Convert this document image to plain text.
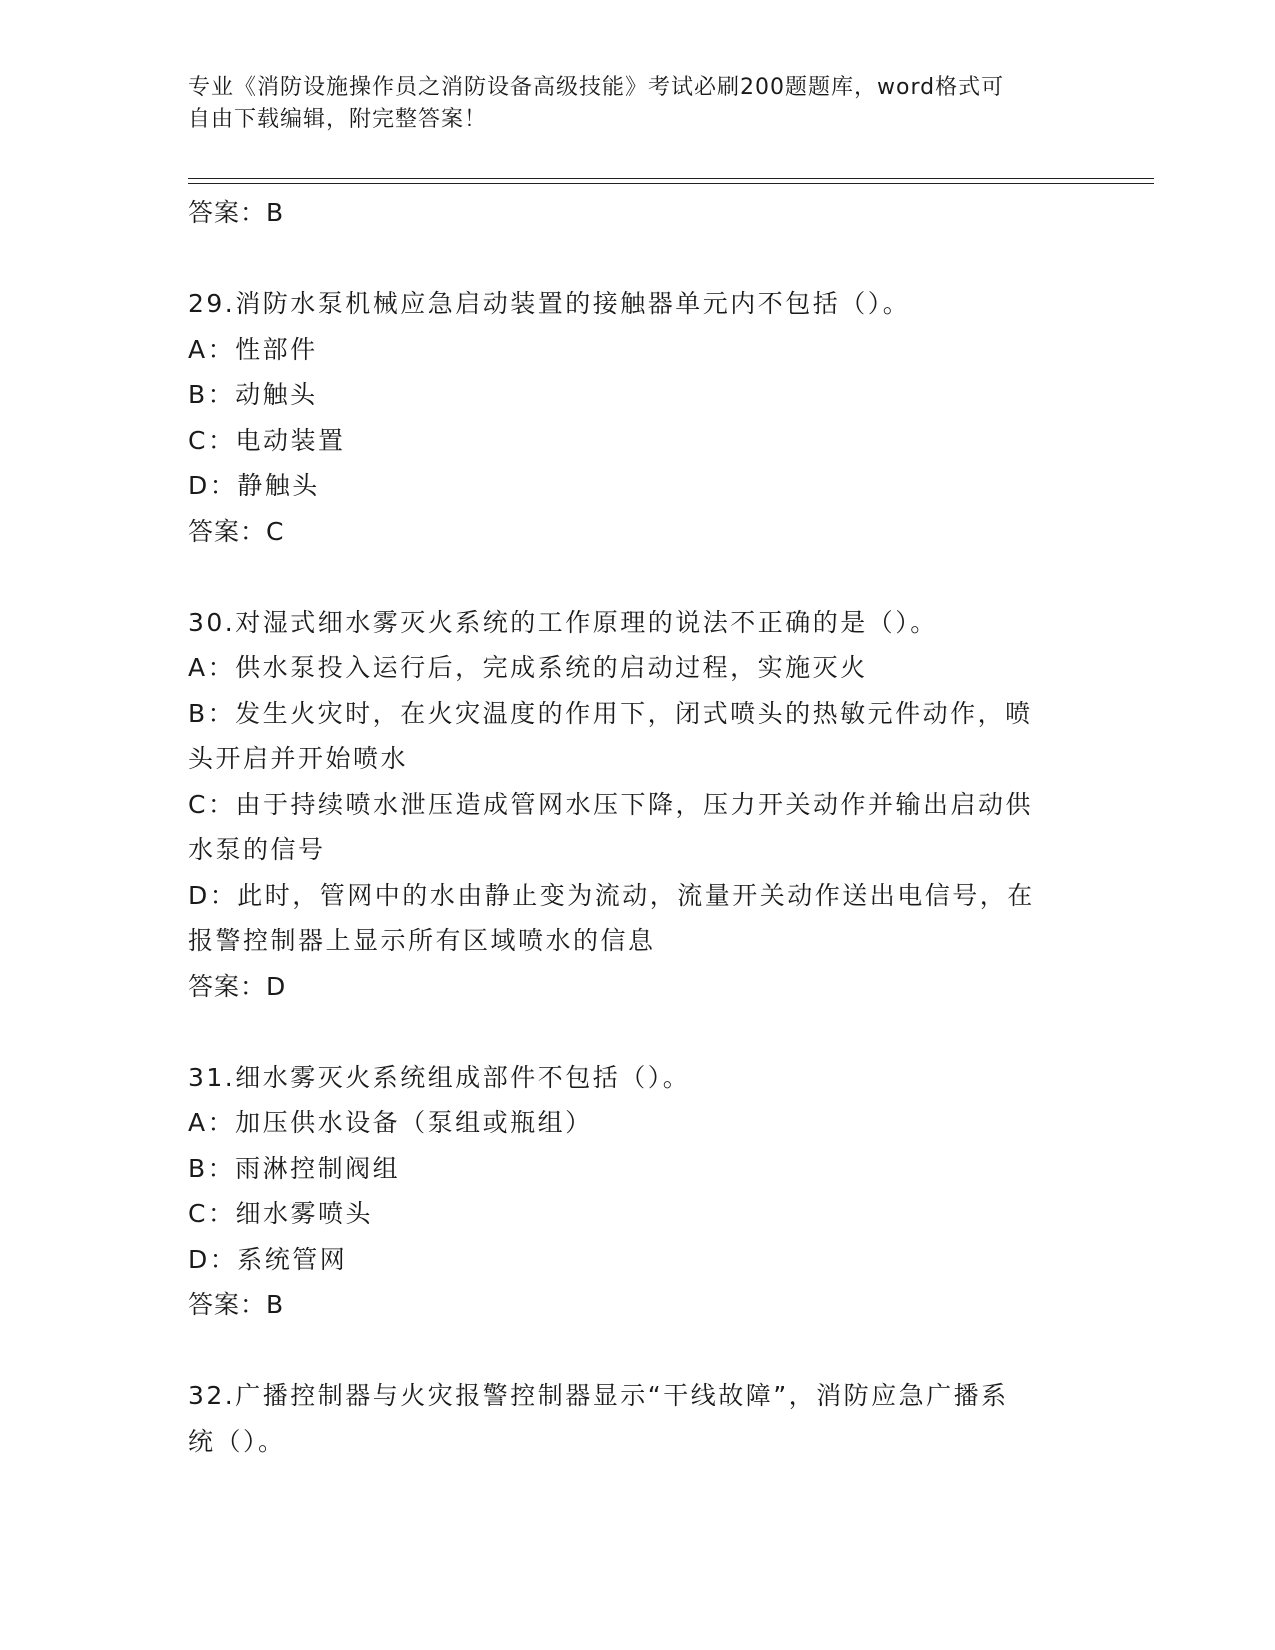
专业《消防设施操作员之消防设备高级技能》考试必刷200题题库，word格式可
自由下载编辑，附完整答案！

答案：B

29.消防水泵机械应急启动装置的接触器单元内不包括（）。

A：性部件

B：动触头

C：电动装置

D：静触头

答案：C

30.对湿式细水雾灭火系统的工作原理的说法不正确的是（）。

A：供水泵投入运行后，完成系统的启动过程，实施灭火

B：发生火灾时，在火灾温度的作用下，闭式喷头的热敏元件动作，喷

头开启并开始喷水

C：由于持续喷水泄压造成管网水压下降，压力开关动作并输出启动供

水泵的信号

D：此时，管网中的水由静止变为流动，流量开关动作送出电信号，在

报警控制器上显示所有区域喷水的信息

答案：D

31.细水雾灭火系统组成部件不包括（）。

A：加压供水设备（泵组或瓶组）

B：雨淋控制阀组

C：细水雾喷头

D：系统管网

答案：B

32.广播控制器与火灾报警控制器显示“干线故障”，消防应急广播系

统（）。
